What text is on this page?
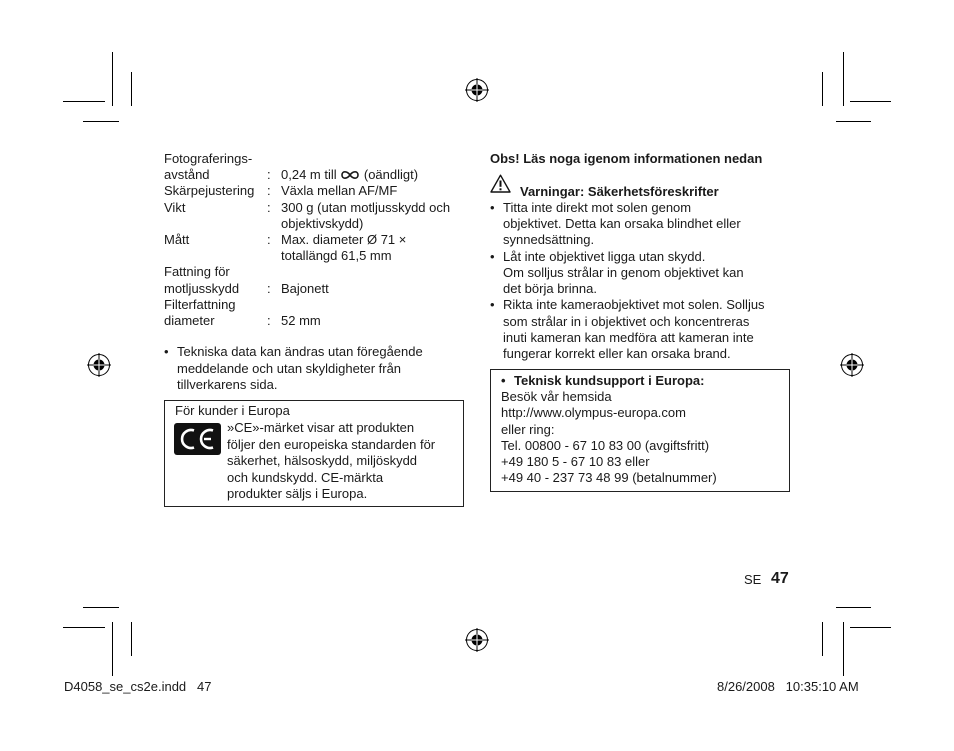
Fotograferings-
avstånd	: 0,24 m till  (oändligt)
Skärpejustering : Växla mellan AF/MF
Vikt	: 300 g (utan motljusskydd och
objektivskydd)
Mått	: Max. diameter Ø 71 ×
totallängd 61,5 mm
Fattning för
motljusskydd : Bajonett
Filterfattning
diameter	: 52 mm
• Tekniska data kan ändras utan föregående
meddelande och utan skyldigheter från
tillverkarens sida.
För kunder i Europa
»CE»-märket visar att produkten
följer den europeiska standarden för
säkerhet, hälsoskydd, miljöskydd
och kundskydd. CE-märkta
produkter säljs i Europa.
Obs! Läs noga igenom informationen nedan
Varningar: Säkerhetsföreskrifter
• Titta inte direkt mot solen genom
objektivet. Detta kan orsaka blindhet eller
synnedsättning.
• Låt inte objektivet ligga utan skydd.
Om solljus strålar in genom objektivet kan
det börja brinna.
• Rikta inte kameraobjektivet mot solen. Solljus
som strålar in i objektivet och koncentreras
inuti kameran kan medföra att kameran inte
fungerar korrekt eller kan orsaka brand.
• Teknisk kundsupport i Europa:
Besök vår hemsida
http://www.olympus-europa.com
eller ring:
Tel. 00800 - 67 10 83 00 (avgiftsfritt)
+49 180 5 - 67 10 83 eller
+49 40 - 237 73 48 99 (betalnummer)
SE 47
D4058_se_cs2e.indd   47	8/26/2008   10:35:10 AM
